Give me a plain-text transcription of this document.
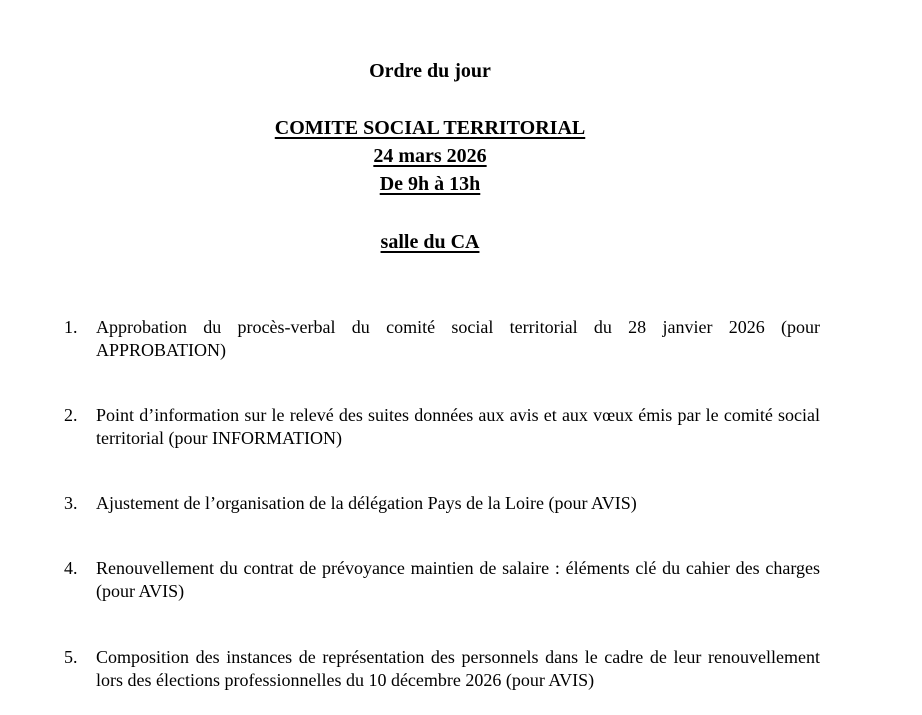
Ordre du jour
COMITE SOCIAL TERRITORIAL
24 mars 2026
De 9h à 13h
salle du CA
1.	Approbation du procès-verbal du comité social territorial du 28 janvier 2026 (pour APPROBATION)
2.	Point d’information sur le relevé des suites données aux avis et aux vœux émis par le comité social territorial (pour INFORMATION)
3.	Ajustement de l’organisation de la délégation Pays de la Loire (pour AVIS)
4.	Renouvellement du contrat de prévoyance maintien de salaire : éléments clé du cahier des charges (pour AVIS)
5.	Composition des instances de représentation des personnels dans le cadre de leur renouvellement lors des élections professionnelles du 10 décembre 2026 (pour AVIS)
